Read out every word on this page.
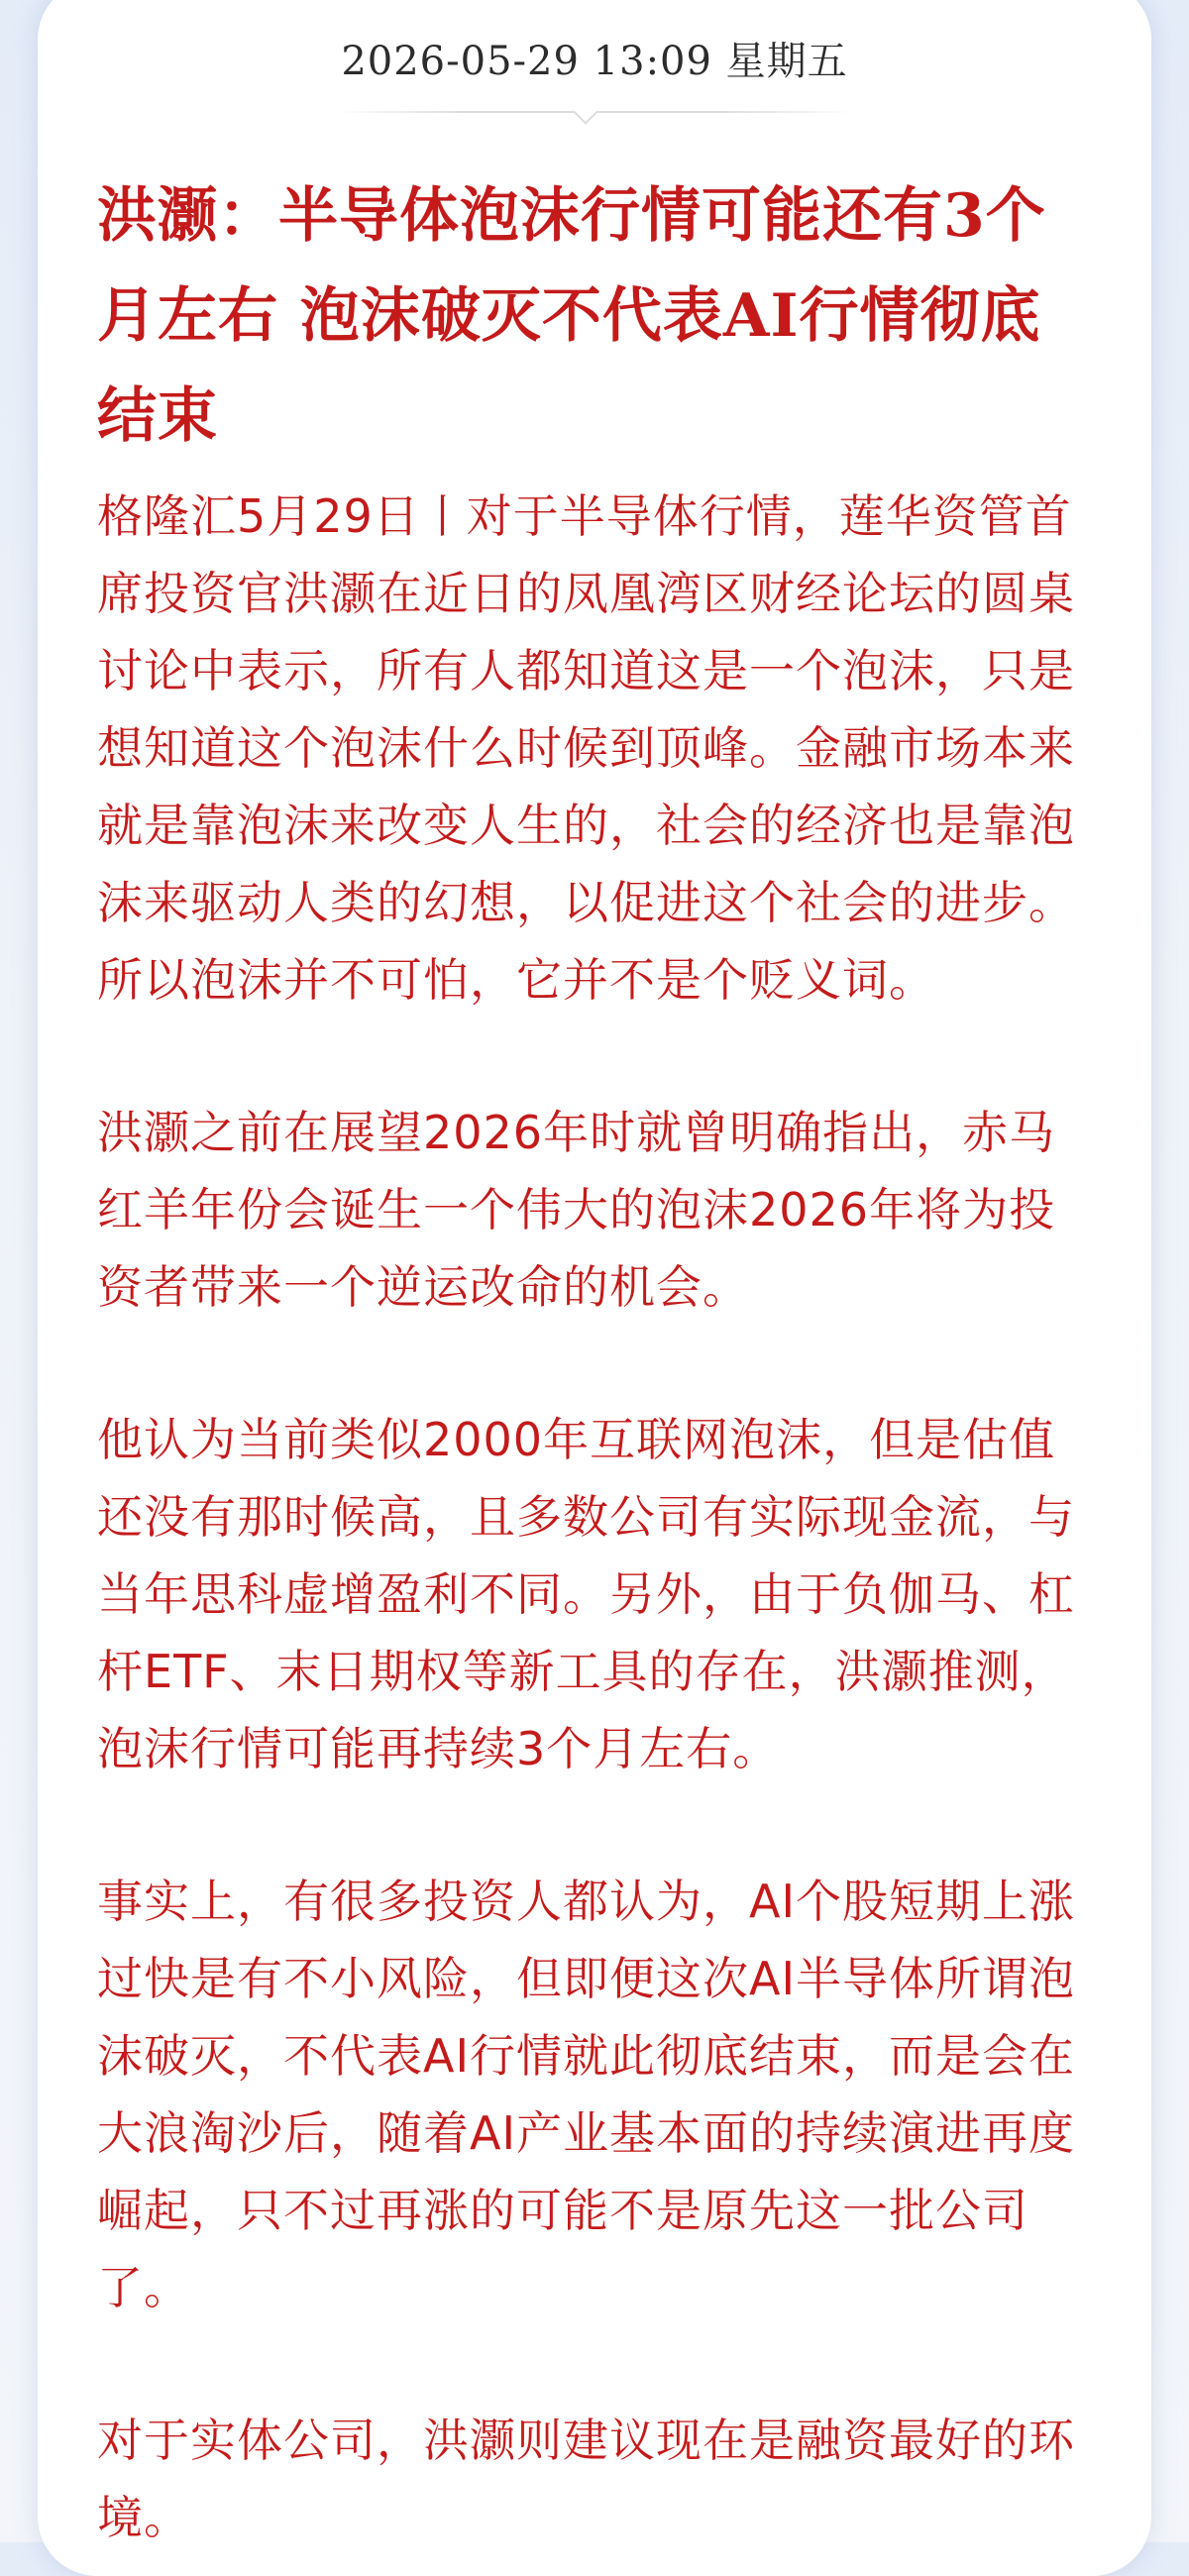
2026-05-29 13:09 星期五
洪灏：半导体泡沫行情可能还有3个月左右 泡沫破灭不代表AI行情彻底结束

格隆汇5月29日丨对于半导体行情，莲华资管首席投资官洪灏在近日的凤凰湾区财经论坛的圆桌讨论中表示，所有人都知道这是一个泡沫，只是想知道这个泡沫什么时候到顶峰。金融市场本来就是靠泡沫来改变人生的，社会的经济也是靠泡沫来驱动人类的幻想，以促进这个社会的进步。所以泡沫并不可怕，它并不是个贬义词。

洪灏之前在展望2026年时就曾明确指出，赤马红羊年份会诞生一个伟大的泡沫2026年将为投资者带来一个逆运改命的机会。

他认为当前类似2000年互联网泡沫，但是估值还没有那时候高，且多数公司有实际现金流，与当年思科虚增盈利不同。另外，由于负伽马、杠杆ETF、末日期权等新工具的存在，洪灏推测，泡沫行情可能再持续3个月左右。

事实上，有很多投资人都认为，AI个股短期上涨过快是有不小风险，但即便这次AI半导体所谓泡沫破灭，不代表AI行情就此彻底结束，而是会在大浪淘沙后，随着AI产业基本面的持续演进再度崛起，只不过再涨的可能不是原先这一批公司了。

对于实体公司，洪灏则建议现在是融资最好的环境。
